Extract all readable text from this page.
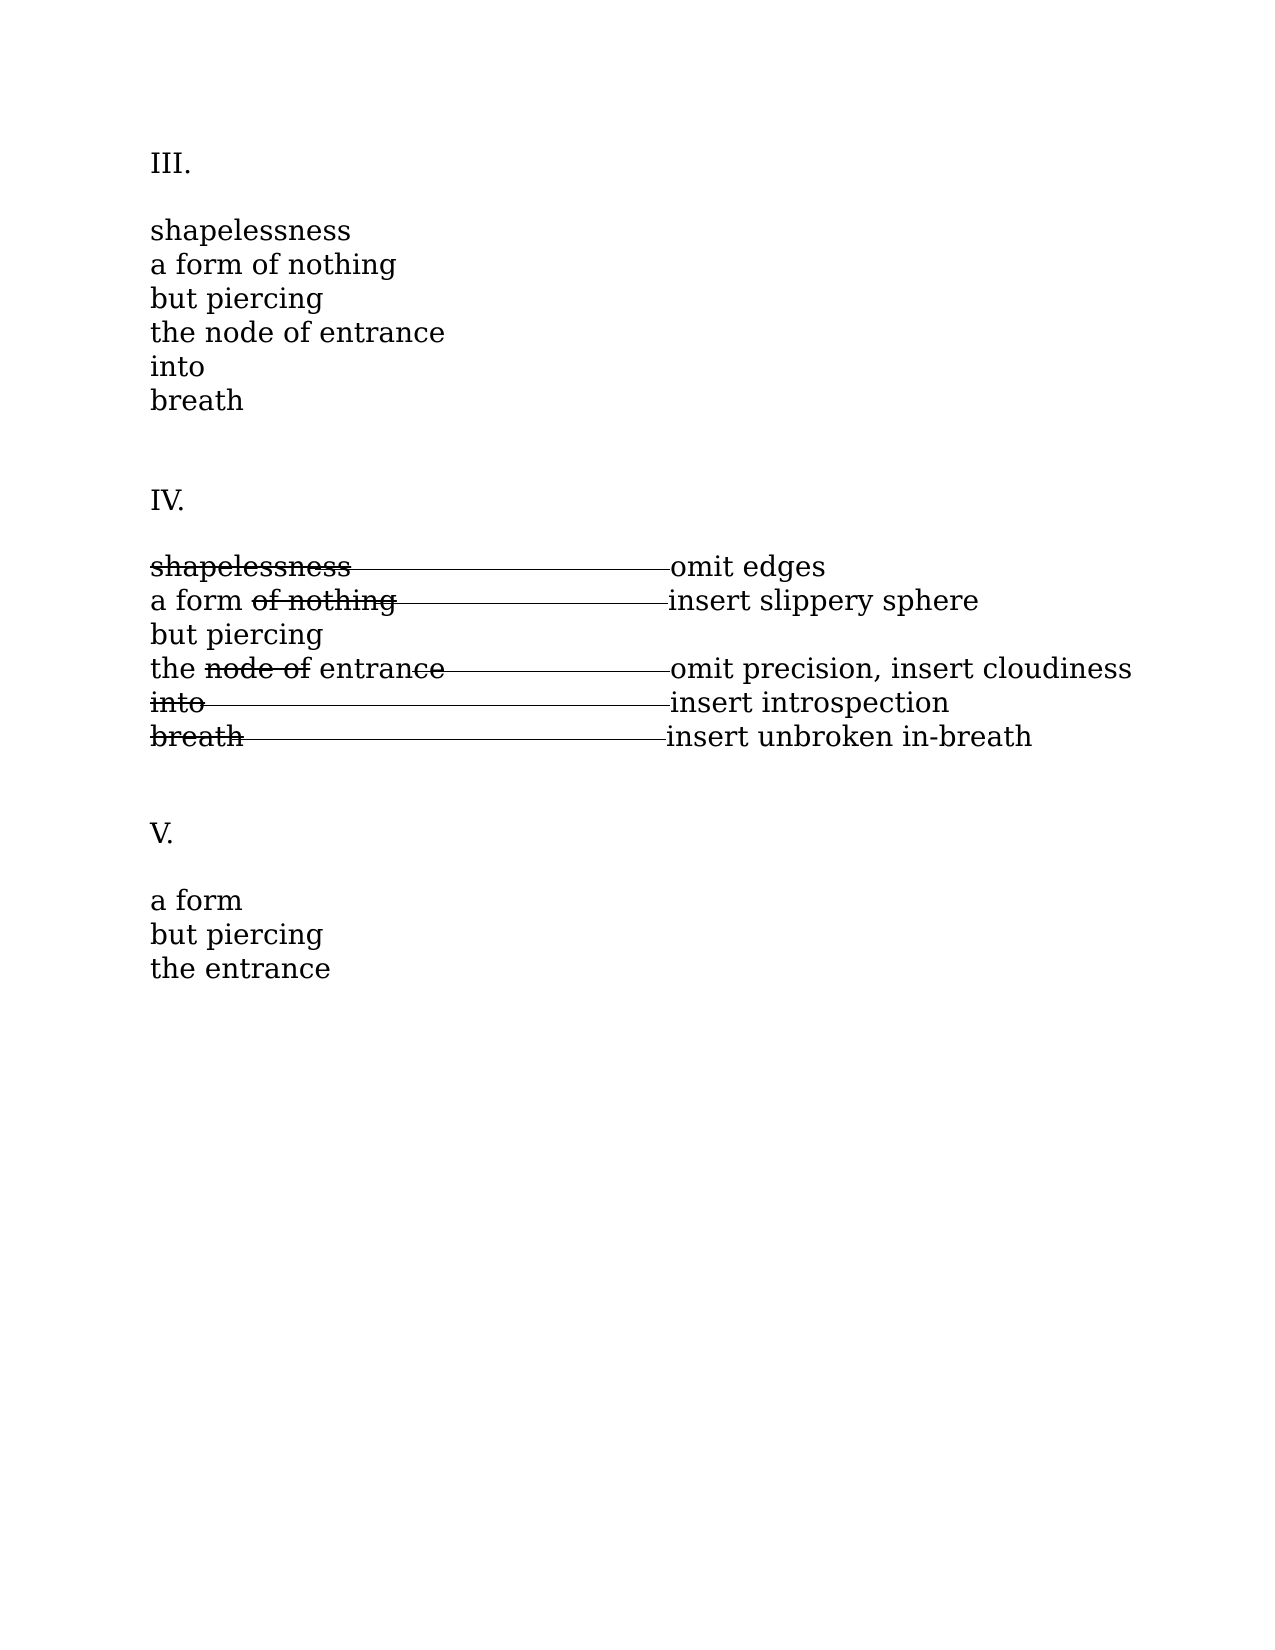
III.
shapelessness
a form of nothing
but piercing
the node of entrance
into
breath
IV.
shapelessness	omit edges
a form of nothing	insert slippery sphere
but piercing
the node of entrance	omit precision, insert cloudiness
into	insert introspection
breath	insert unbroken in-breath
V.
a form
but piercing
the entrance
